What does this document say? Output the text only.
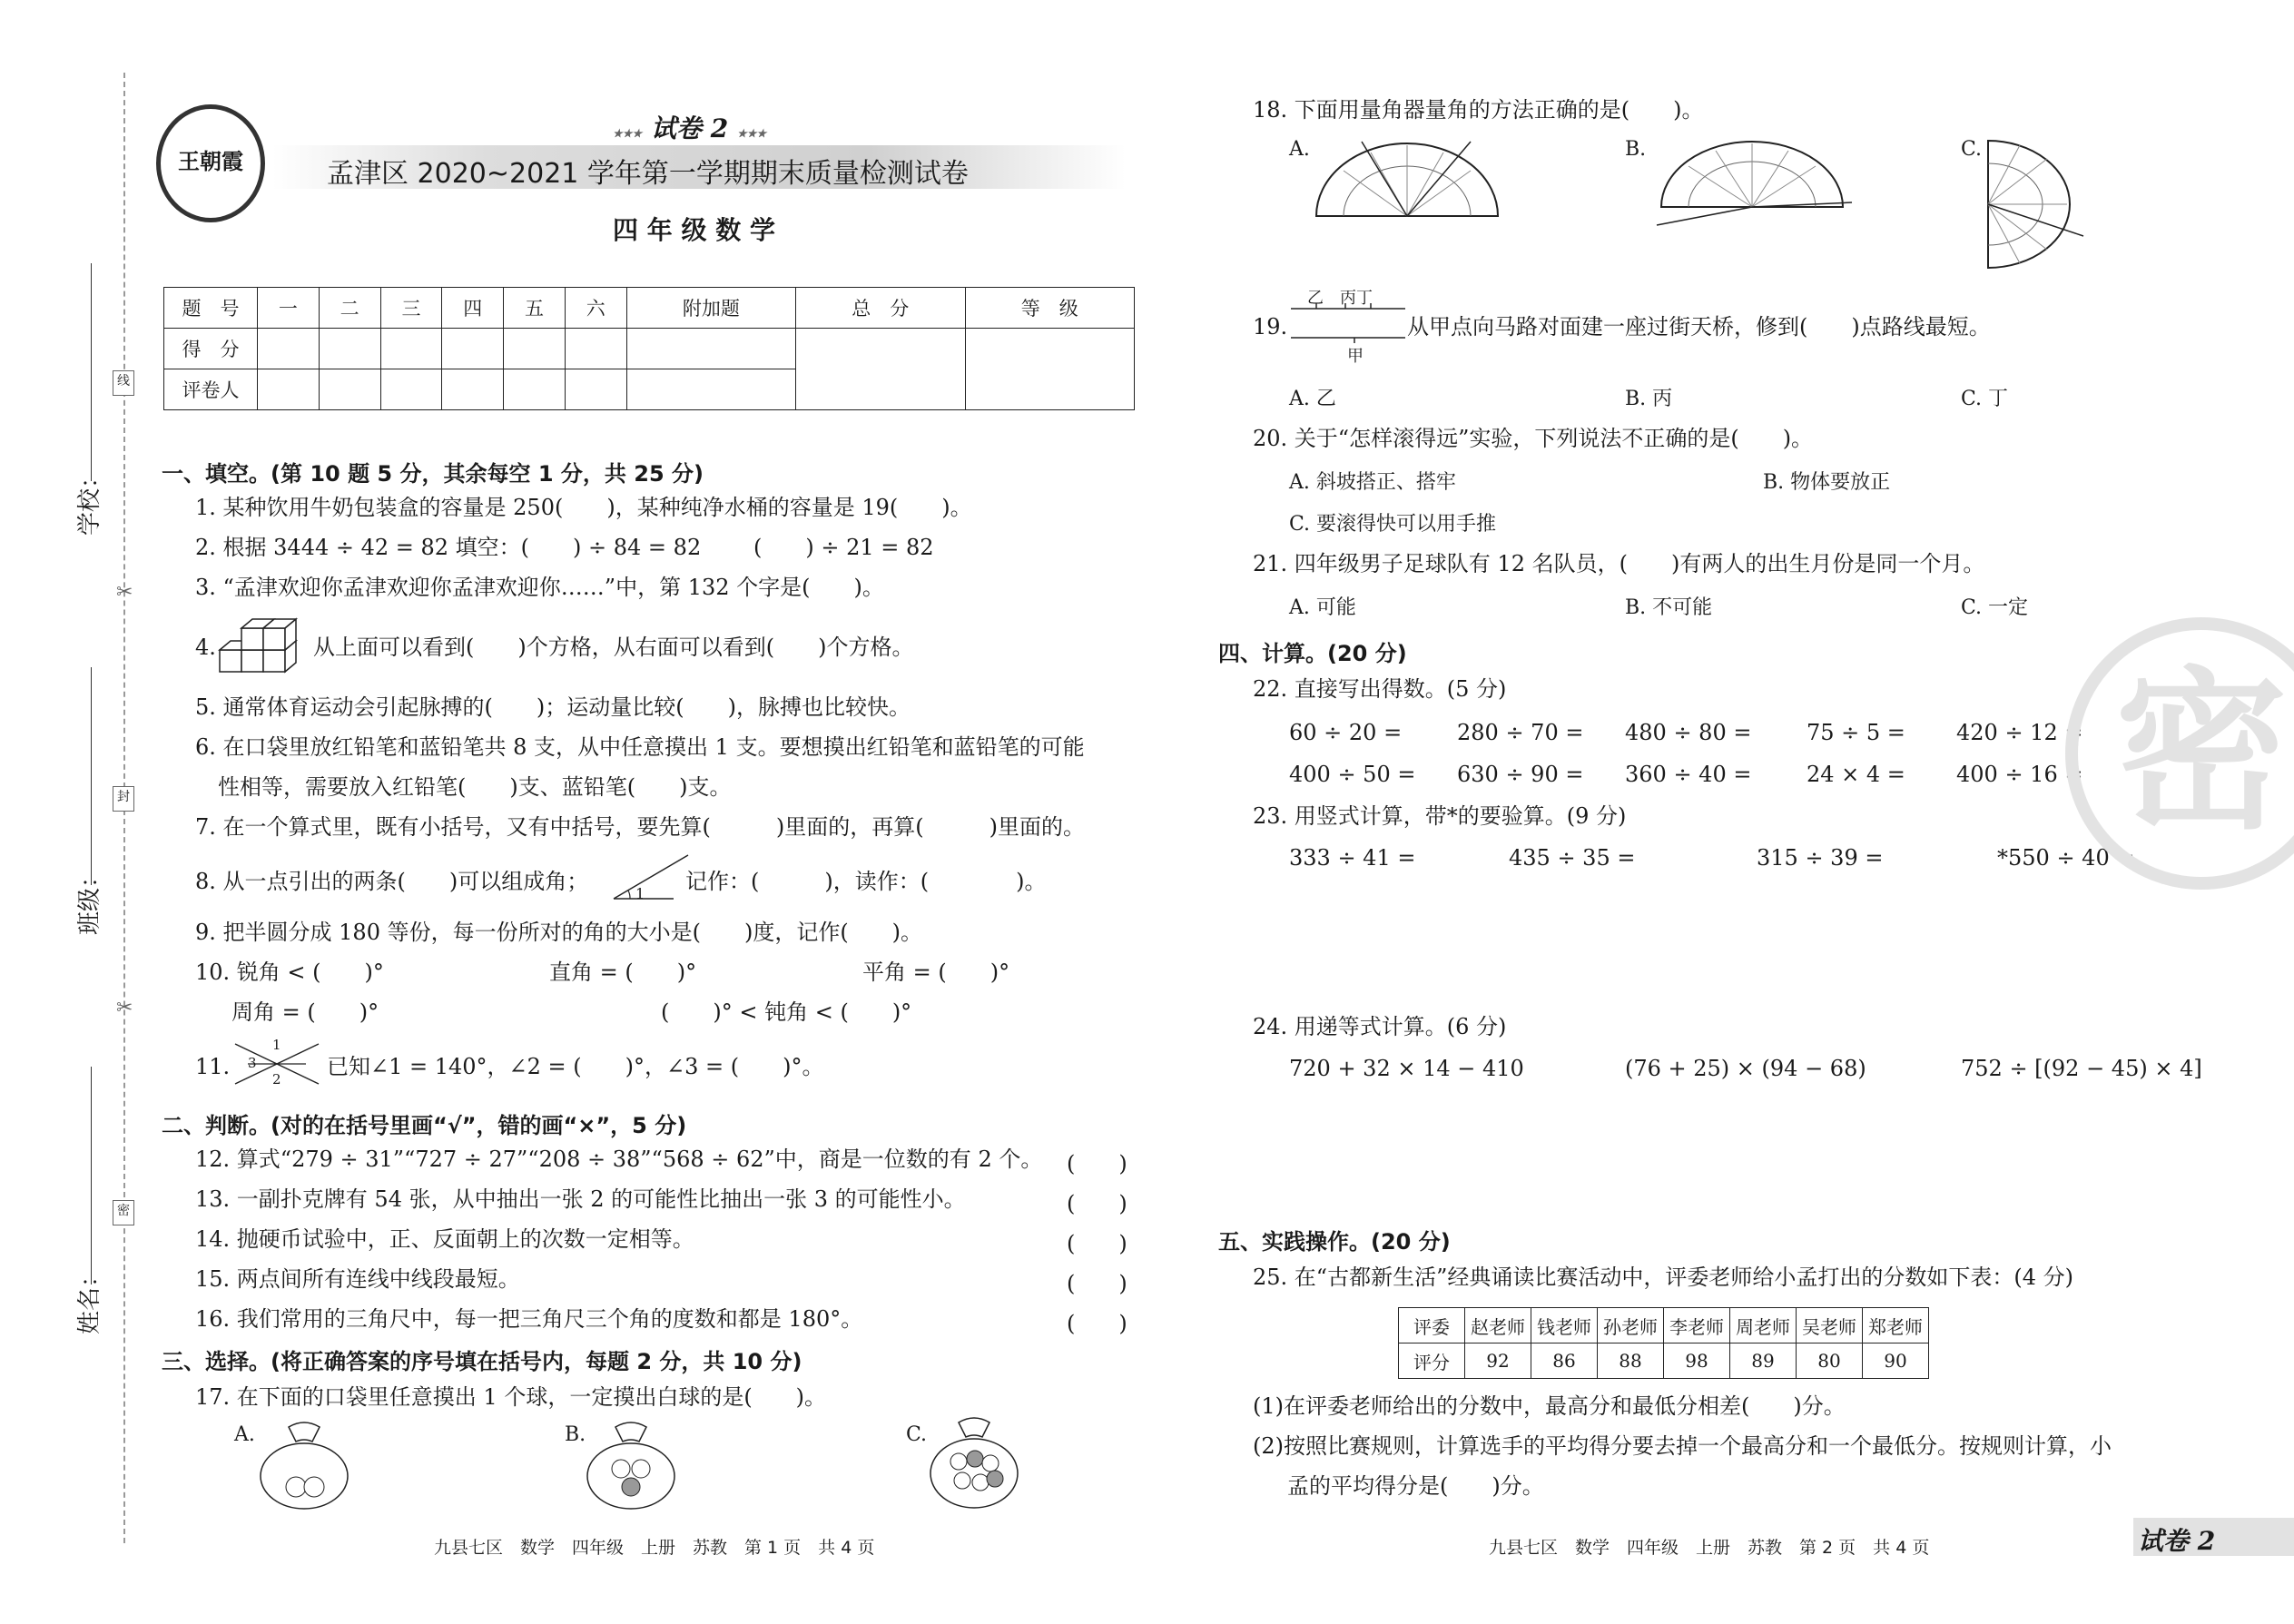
学校：
班级：
姓名：
线
封
密
✂
✂
王朝霞
★★★ 试卷 2 ★★★
孟津区 2020~2021 学年第一学期期末质量检测试卷
四 年 级 数 学
题　号	一	二	三	四	五	六	附加题	总　分	等　级
得　分									
评卷人									
一、填空。(第 10 题 5 分，其余每空 1 分，共 25 分)
1. 某种饮用牛奶包装盒的容量是 250(　　)，某种纯净水桶的容量是 19(　　)。
2. 根据 3444 ÷ 42 = 82 填空：(　　) ÷ 84 = 82 (　　) ÷ 21 = 82
3. “孟津欢迎你孟津欢迎你孟津欢迎你……”中，第 132 个字是(　　)。
4.	从上面可以看到(　　)个方格，从右面可以看到(　　)个方格。
5. 通常体育运动会引起脉搏的(　　)；运动量比较(　　)，脉搏也比较快。
6. 在口袋里放红铅笔和蓝铅笔共 8 支，从中任意摸出 1 支。要想摸出红铅笔和蓝铅笔的可能
性相等，需要放入红铅笔(　　)支、蓝铅笔(　　)支。
7. 在一个算式里，既有小括号，又有中括号，要先算(　　　)里面的，再算(　　　)里面的。
8. 从一点引出的两条(　　)可以组成角；	1 记作：(　　　)，读作：(　　　　)。
9. 把半圆分成 180 等份，每一份所对的角的大小是(　　)度，记作(　　)。
10. 锐角 < (　　)°	直角 = (　　)°	平角 = (　　)°
周角 = (　　)°	(　　)° < 钝角 < (　　)°
11.
1
2
3	已知∠1 = 140°，∠2 = (　　)°，∠3 = (　　)°。
二、判断。(对的在括号里画“√”，错的画“×”，5 分)
12. 算式“279 ÷ 31”“727 ÷ 27”“208 ÷ 38”“568 ÷ 62”中，商是一位数的有 2 个。 (　　)
13. 一副扑克牌有 54 张，从中抽出一张 2 的可能性比抽出一张 3 的可能性小。	(　　)
14. 抛硬币试验中，正、反面朝上的次数一定相等。	(　　)
15. 两点间所有连线中线段最短。	(　　)
16. 我们常用的三角尺中，每一把三角尺三个角的度数和都是 180°。	(　　)
三、选择。(将正确答案的序号填在括号内，每题 2 分，共 10 分)
17. 在下面的口袋里任意摸出 1 个球，一定摸出白球的是(　　)。
A.	B.	C.
九县七区　数学　四年级　上册　苏教　第 1 页　共 4 页
18. 下面用量角器量角的方法正确的是(　　)。
A.	B.	C.
19.
乙　丙丁
甲
从甲点向马路对面建一座过街天桥，修到(　　)点路线最短。
A. 乙	B. 丙	C. 丁
20. 关于“怎样滚得远”实验，下列说法不正确的是(　　)。
A. 斜坡搭正、搭牢	B. 物体要放正
C. 要滚得快可以用手推
21. 四年级男子足球队有 12 名队员，(　　)有两人的出生月份是同一个月。
A. 可能	B. 不可能	C. 一定
四、计算。(20 分)
22. 直接写出得数。(5 分)
60 ÷ 20 =	280 ÷ 70 = 480 ÷ 80 =	75 ÷ 5 = 420 ÷ 12 =
400 ÷ 50 = 630 ÷ 90 = 360 ÷ 40 =	24 × 4 = 400 ÷ 16 =
23. 用竖式计算，带*的要验算。(9 分)
333 ÷ 41 =	435 ÷ 35 =	315 ÷ 39 =	*550 ÷ 40 =
24. 用递等式计算。(6 分)
720 + 32 × 14 − 410	(76 + 25) × (94 − 68)	752 ÷ [(92 − 45) × 4]
五、实践操作。(20 分)
25. 在“古都新生活”经典诵读比赛活动中，评委老师给小孟打出的分数如下表：(4 分)
评委	赵老师	钱老师	孙老师	李老师	周老师	吴老师	郑老师
评分	92	86	88	98	89	80	90
(1)在评委老师给出的分数中，最高分和最低分相差(　　)分。
(2)按照比赛规则，计算选手的平均得分要去掉一个最高分和一个最低分。按规则计算，小
孟的平均得分是(　　)分。
密
九县七区　数学　四年级　上册　苏教　第 2 页　共 4 页	试卷 2
